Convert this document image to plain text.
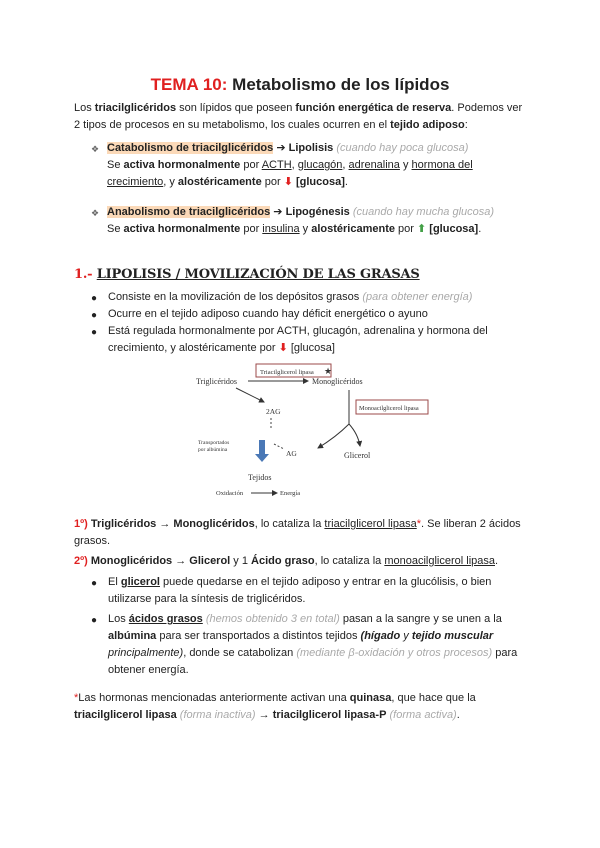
TEMA 10: Metabolismo de los lípidos
Los triacilglicéridos son lípidos que poseen función energética de reserva. Podemos ver
2 tipos de procesos en su metabolismo, los cuales ocurren en el tejido adiposo:
❖ Catabolismo de triacilglicéridos ➔ Lipolisis (cuando hay poca glucosa)
Se activa hormonalmente por ACTH, glucagón, adrenalina y hormona del
crecimiento, y alostéricamente por ⬇ [glucosa].
❖ Anabolismo de triacilglicéridos ➔ Lipogénesis (cuando hay mucha glucosa)
Se activa hormonalmente por insulina y alostéricamente por ⬆ [glucosa].
1.- LIPOLISIS / MOVILIZACIÓN DE LAS GRASAS
● Consiste en la movilización de los depósitos grasos (para obtener energía)
● Ocurre en el tejido adiposo cuando hay déficit energético o ayuno
● Está regulada hormonalmente por ACTH, glucagón, adrenalina y hormona del
crecimiento, y alostéricamente por ⬇ [glucosa]
Triglicéridos
Triacilglicerol lipasa ★
Monoglicéridos
2AG	Monoacilglicerol lipasa
Transportados
por albúmina	AG	Glicerol
Tejidos
Oxidación	Energía
1º) Triglicéridos → Monoglicéridos, lo cataliza la triacilglicerol lipasa*. Se liberan 2 ácidos
grasos.
2º) Monoglicéridos → Glicerol y 1 Ácido graso, lo cataliza la monoacilglicerol lipasa.
● El glicerol puede quedarse en el tejido adiposo y entrar en la glucólisis, o bien
utilizarse para la síntesis de triglicéridos.
● Los ácidos grasos (hemos obtenido 3 en total) pasan a la sangre y se unen a la
albúmina para ser transportados a distintos tejidos (hígado y tejido muscular
principalmente), donde se catabolizan (mediante β-oxidación y otros procesos) para
obtener energía.
*Las hormonas mencionadas anteriormente activan una quinasa, que hace que la
triacilglicerol lipasa (forma inactiva) → triacilglicerol lipasa-P (forma activa).
